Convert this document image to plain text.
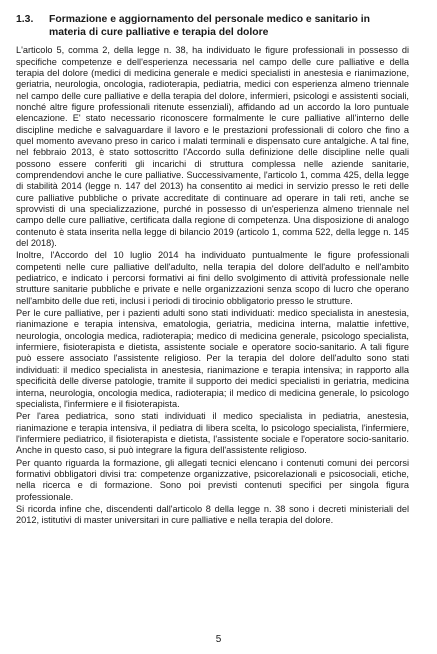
1.3.	Formazione e aggiornamento del personale medico e sanitario in materia di cure palliative e terapia del dolore

L'articolo 5, comma 2, della legge n. 38, ha individuato le figure professionali in possesso di specifiche competenze e dell'esperienza necessaria nel campo delle cure palliative e della terapia del dolore (medici di medicina generale e medici specialisti in anestesia e rianimazione, geriatria, neurologia, oncologia, radioterapia, pediatria, medici con esperienza almeno triennale nel campo delle cure palliative e della terapia del dolore, infermieri, psicologi e assistenti sociali, nonché altre figure professionali ritenute essenziali), affidando ad un accordo la loro puntuale elencazione. E' stato necessario riconoscere formalmente le cure palliative all'interno delle discipline mediche e salvaguardare il lavoro e le prestazioni professionali di coloro che fino a quel momento avevano preso in carico i malati terminali e dispensato cure antalgiche. A tal fine, nel febbraio 2013, è stato sottoscritto l'Accordo sulla definizione delle discipline nelle quali possono essere conferiti gli incarichi di struttura complessa nelle aziende sanitarie, comprendendovi anche le cure palliative. Successivamente, l'articolo 1, comma 425, della legge di stabilità 2014 (legge n. 147 del 2013) ha consentito ai medici in servizio presso le reti delle cure palliative pubbliche o private accreditate di continuare ad operare in tali reti, anche se sprovvisti di una specializzazione, purché in possesso di un'esperienza almeno triennale nel campo delle cure palliative, certificata dalla regione di competenza. Una disposizione di analogo contenuto è stata inserita nella legge di bilancio 2019 (articolo 1, comma 522, della legge n. 145 del 2018).

Inoltre, l'Accordo del 10 luglio 2014 ha individuato puntualmente le figure professionali competenti nelle cure palliative dell'adulto, nella terapia del dolore dell'adulto e nell'ambito pediatrico, e indicato i percorsi formativi ai fini dello svolgimento di attività professionale nelle strutture sanitarie pubbliche e private e nelle organizzazioni senza scopo di lucro che operano nell'ambito delle due reti, inclusi i periodi di tirocinio obbligatorio presso le strutture.

Per le cure palliative, per i pazienti adulti sono stati individuati: medico specialista in anestesia, rianimazione e terapia intensiva, ematologia, geriatria, medicina interna, malattie infettive, neurologia, oncologia medica, radioterapia; medico di medicina generale, psicologo specialista, infermiere, fisioterapista e dietista, assistente sociale e operatore socio-sanitario. A tali figure può essere associato l'assistente religioso. Per la terapia del dolore dell'adulto sono stati individuati: il medico specialista in anestesia, rianimazione e terapia intensiva; in rapporto alla specificità delle diverse patologie, tramite il supporto dei medici specialisti in geriatria, medicina interna, neurologia, oncologia medica, radioterapia; il medico di medicina generale, lo psicologo specialista, l'infermiere e il fisioterapista.

Per l'area pediatrica, sono stati individuati il medico specialista in pediatria, anestesia, rianimazione e terapia intensiva, il pediatra di libera scelta, lo psicologo specialista, l'infermiere, l'infermiere pediatrico, il fisioterapista e dietista, l'assistente sociale e l'operatore socio-sanitario. Anche in questo caso, si può integrare la figura dell'assistente religioso.

Per quanto riguarda la formazione, gli allegati tecnici elencano i contenuti comuni dei percorsi formativi obbligatori divisi tra: competenze organizzative, psicorelazionali e psicosociali, etiche, nella ricerca e di formazione. Sono poi previsti contenuti specifici per singola figura professionale.

Si ricorda infine che, discendenti dall'articolo 8 della legge n. 38 sono i decreti ministeriali del 2012, istitutivi di master universitari in cure palliative e nella terapia del dolore.

5
